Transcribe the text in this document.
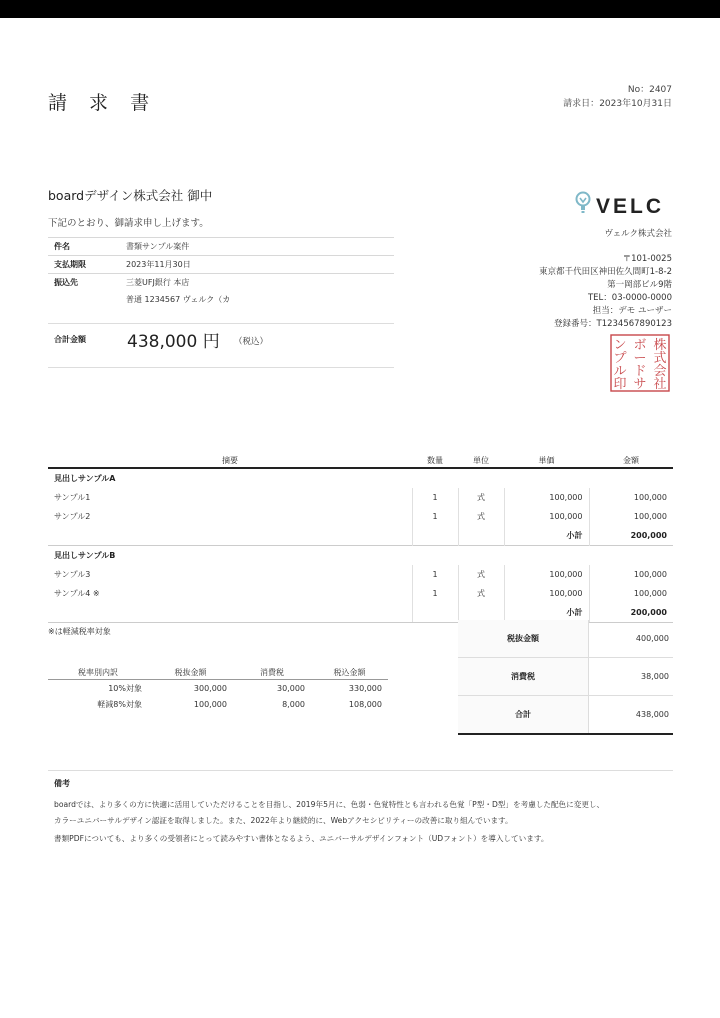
請 求 書
No：2407
請求日：2023年10月31日
boardデザイン株式会社 御中
下記のとおり、御請求申し上げます。
件名	書類サンプル案件
支払期限	2023年11月30日
振込先	三菱UFJ銀行 本店
	普通 1234567 ヴェルク（カ
合計金額 438,000 円 （税込）
VELC
ヴェルク株式会社
〒101-0025
東京都千代田区神田佐久間町1-8-2
第一岡部ビル9階
TEL：03-0000-0000
担当：デモ ユーザー
登録番号：T1234567890123
ン ボ 株
プ ー 式
ル ド 会
印 サ 社
摘要	数量	単位	単価	金額
見出しサンプルA				
サンプル1	1	式	100,000	100,000
サンプル2	1	式	100,000	100,000
			小計	200,000
見出しサンプルB				
サンプル3	1	式	100,000	100,000
サンプル4 ※	1	式	100,000	100,000
			小計	200,000
※は軽減税率対象
税率別内訳	税抜金額	消費税	税込金額
10%対象	300,000	30,000	330,000
軽減8%対象	100,000	8,000	108,000
税抜金額	400,000
消費税	38,000
合計	438,000
備考
boardでは、より多くの方に快適に活用していただけることを目指し、2019年5月に、色弱・色覚特性とも言われる色覚「P型・D型」を考慮した配色に変更し、
カラーユニバーサルデザイン認証を取得しました。また、2022年より継続的に、Webアクセシビリティーの改善に取り組んでいます。
書類PDFについても、より多くの受領者にとって読みやすい書体となるよう、ユニバーサルデザインフォント（UDフォント）を導入しています。
